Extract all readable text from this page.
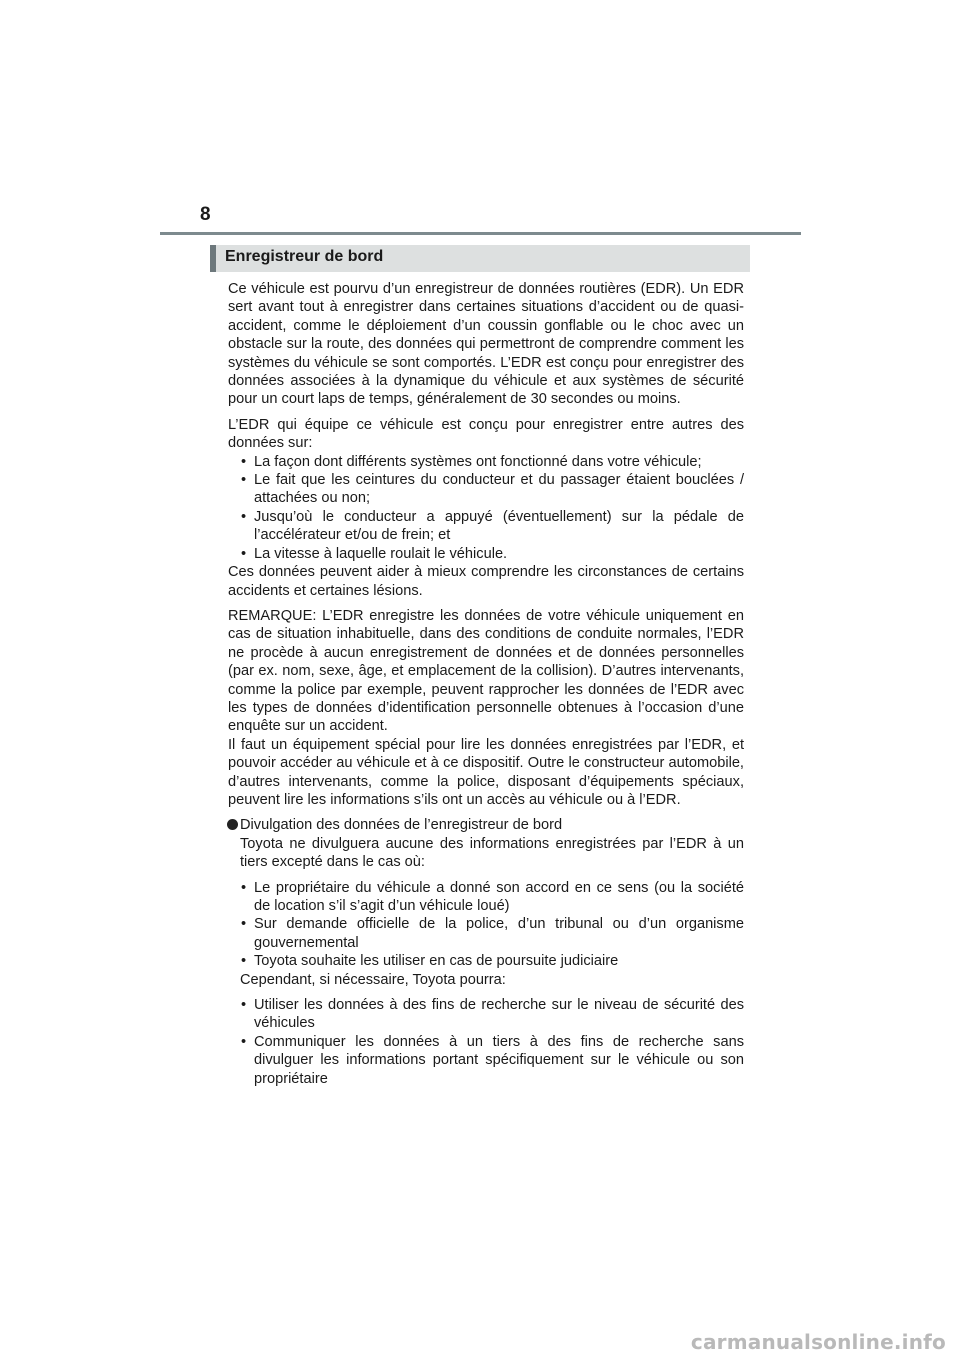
8
Enregistreur de bord

Ce véhicule est pourvu d’un enregistreur de données routières (EDR). Un EDR sert avant tout à enregistrer dans certaines situations d’accident ou de quasi-accident, comme le déploiement d’un coussin gonflable ou le choc avec un obstacle sur la route, des données qui permettront de comprendre comment les systèmes du véhicule se sont comportés. L’EDR est conçu pour enregistrer des données associées à la dynamique du véhicule et aux systèmes de sécurité pour un court laps de temps, généralement de 30 secondes ou moins.

L’EDR qui équipe ce véhicule est conçu pour enregistrer entre autres des données sur:

• La façon dont différents systèmes ont fonctionné dans votre véhicule;
• Le fait que les ceintures du conducteur et du passager étaient bouclées / attachées ou non;
• Jusqu’où le conducteur a appuyé (éventuellement) sur la pédale de l’accélérateur et/ou de frein; et
• La vitesse à laquelle roulait le véhicule.

Ces données peuvent aider à mieux comprendre les circonstances de certains accidents et certaines lésions.

REMARQUE: L’EDR enregistre les données de votre véhicule uniquement en cas de situation inhabituelle, dans des conditions de conduite normales, l’EDR ne procède à aucun enregistrement de données et de données personnelles (par ex. nom, sexe, âge, et emplacement de la collision). D’autres intervenants, comme la police par exemple, peuvent rapprocher les données de l’EDR avec les types de données d’identification personnelle obtenues à l’occasion d’une enquête sur un accident.

Il faut un équipement spécial pour lire les données enregistrées par l’EDR, et pouvoir accéder au véhicule et à ce dispositif. Outre le constructeur automobile, d’autres intervenants, comme la police, disposant d’équipements spéciaux, peuvent lire les informations s’ils ont un accès au véhicule ou à l’EDR.

Divulgation des données de l’enregistreur de bord

Toyota ne divulguera aucune des informations enregistrées par l’EDR à un tiers excepté dans le cas où:

• Le propriétaire du véhicule a donné son accord en ce sens (ou la société de location s’il s’agit d’un véhicule loué)
• Sur demande officielle de la police, d’un tribunal ou d’un organisme gouvernemental
• Toyota souhaite les utiliser en cas de poursuite judiciaire

Cependant, si nécessaire, Toyota pourra:

• Utiliser les données à des fins de recherche sur le niveau de sécurité des véhicules
• Communiquer les données à un tiers à des fins de recherche sans divulguer les informations portant spécifiquement sur le véhicule ou son propriétaire
carmanualsonline.info
